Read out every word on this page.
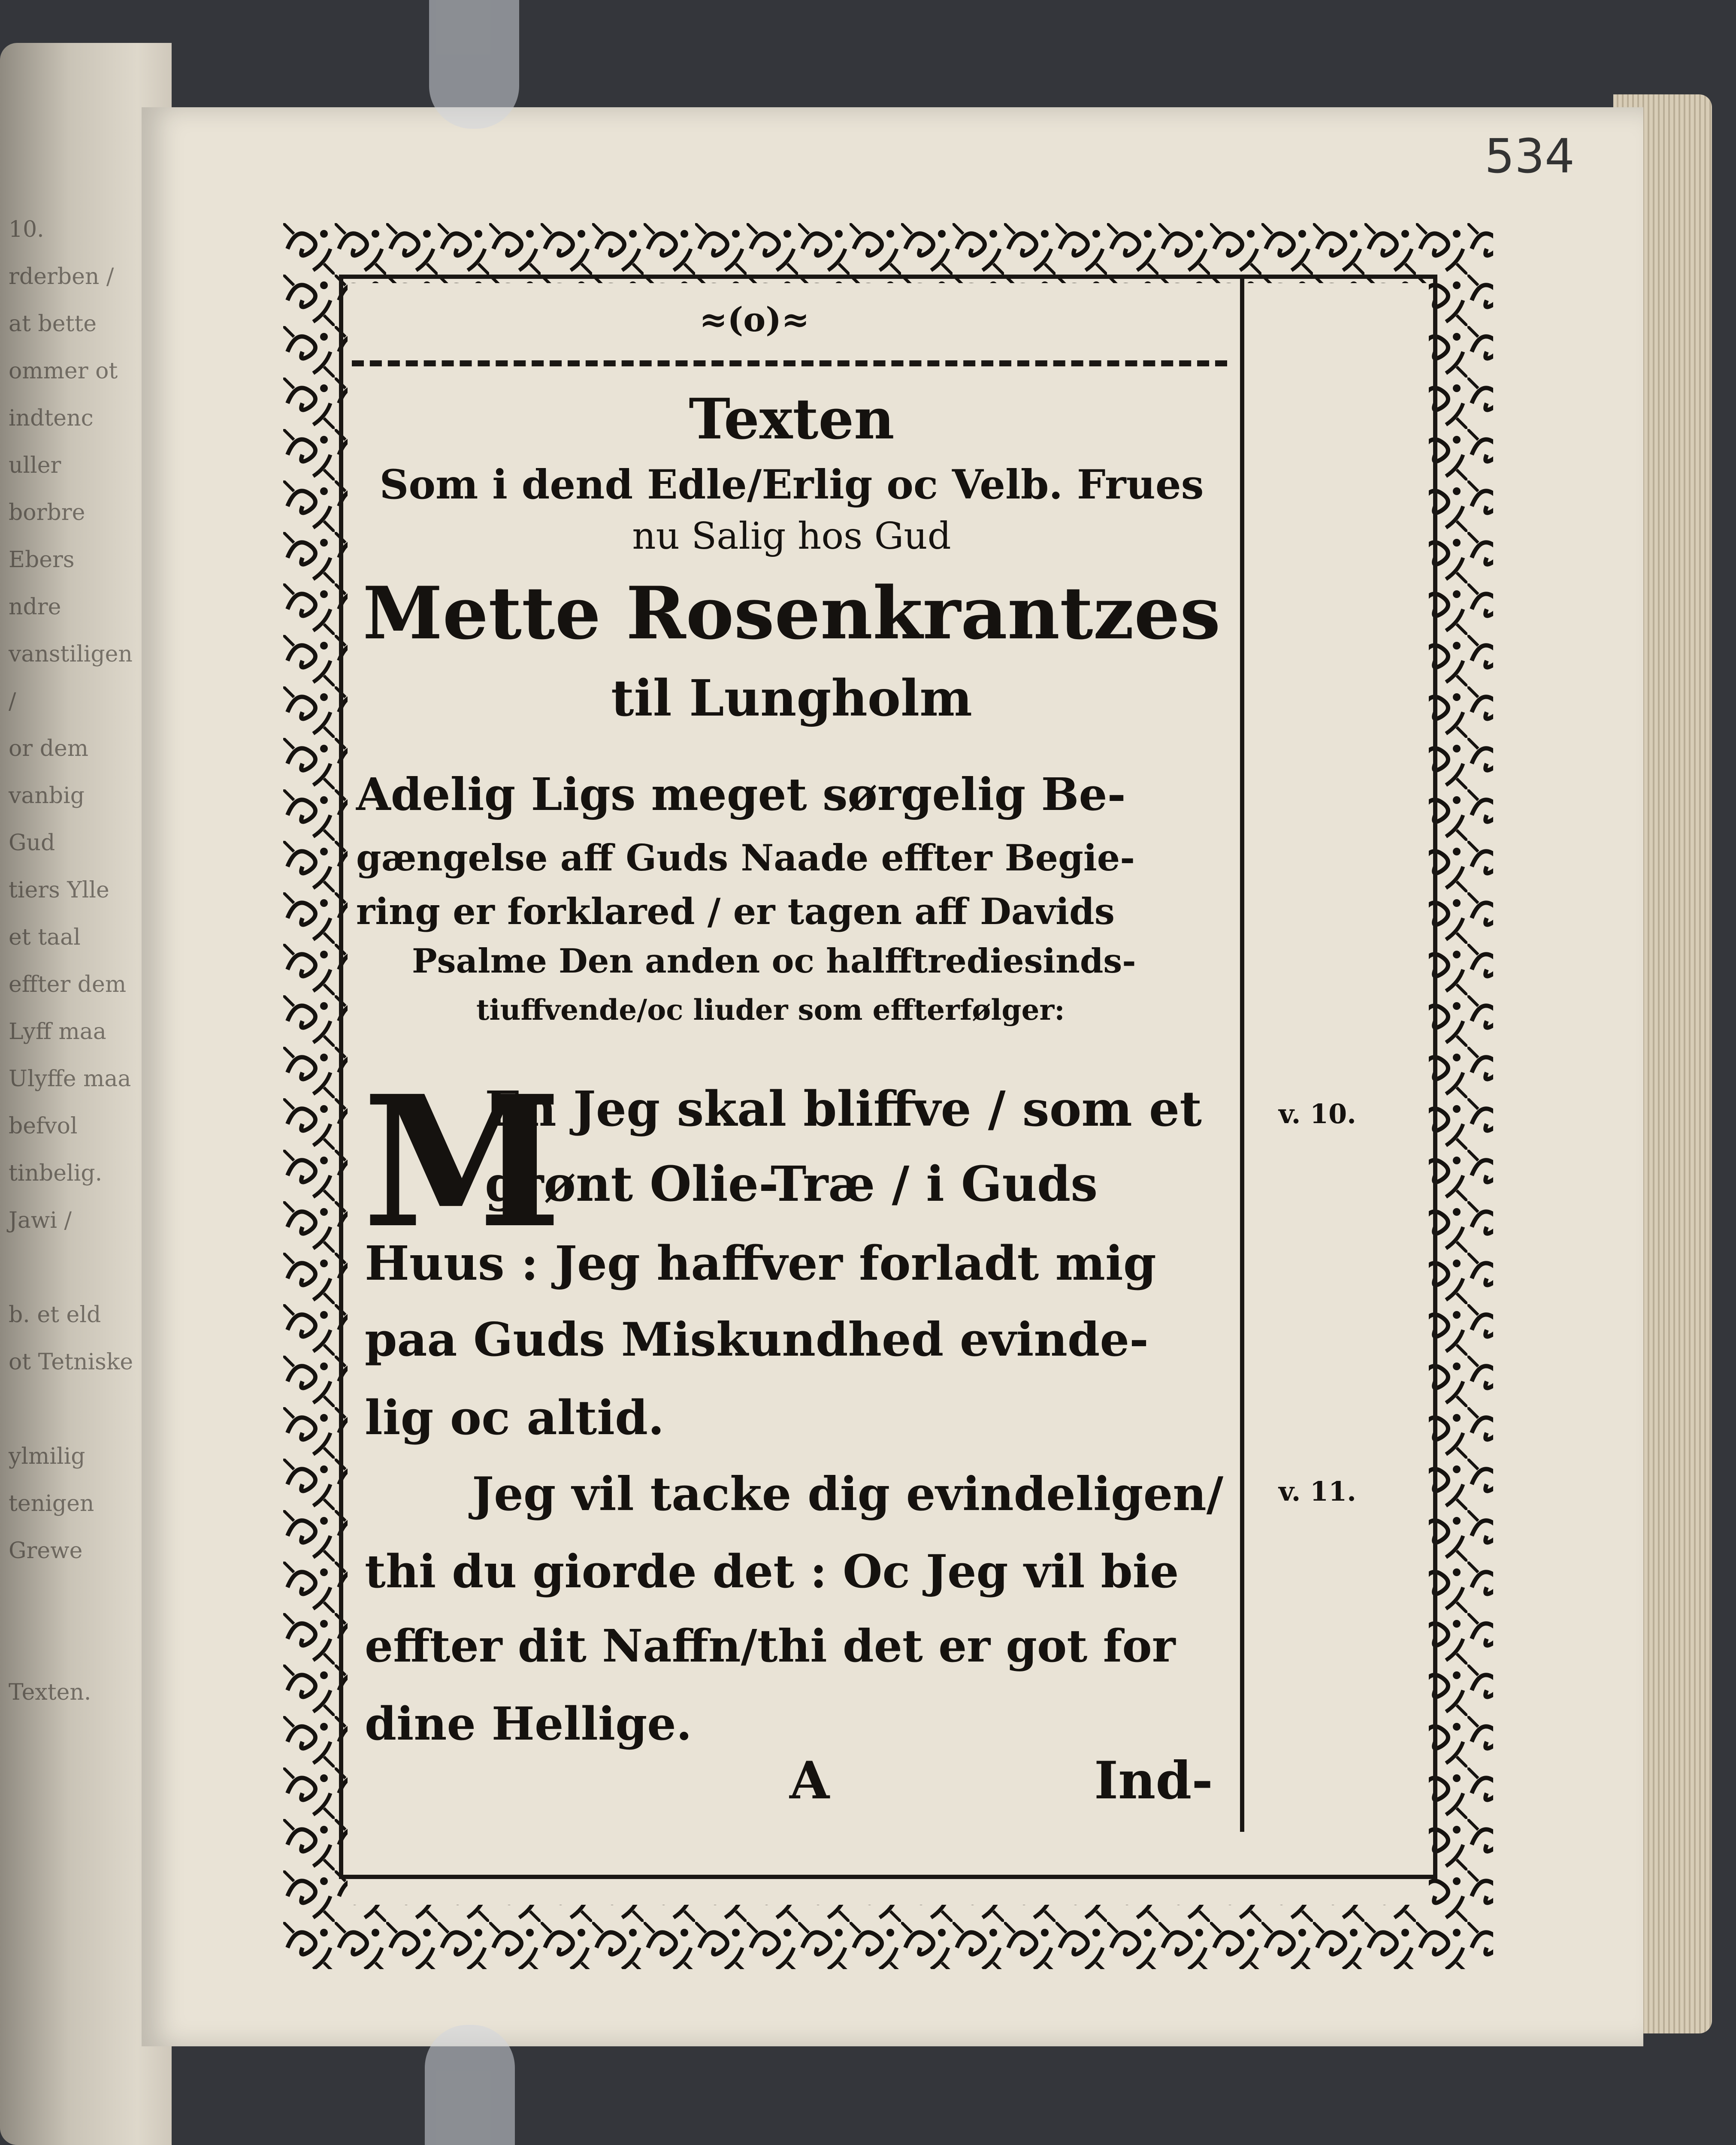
10.
rderben / at bette
ommer ot indtenc
uller borbre Ebers
ndre vanstiligen /
or dem vanbig Gud
tiers Ylle et taal
effter dem Lyff maa
Ulyffe maa befvol
tinbelig.
Jawi /

b. et eld
ot Tetniske

ylmilig
tenigen Grewe

Texten.
534
≈(o)≈
Texten
Som i dend Edle/Erlig oc Velb. Frues
nu Salig hos Gud
Mette Rosenkrantzes
til Lungholm
Adelig Ligs meget sørgelig Be-
gængelse aff Guds Naade effter Begie-
ring er forklared / er tagen aff Davids
Psalme Den anden oc halfftrediesinds-
tiuffvende/oc liuder som effterfølger:
M
En Jeg skal bliffve / som et
grønt Olie-Træ / i Guds
Huus : Jeg haffver forladt mig
paa Guds Miskundhed evinde-
lig oc altid.
v. 10.
Jeg vil tacke dig evindeligen/
thi du giorde det : Oc Jeg vil bie
effter dit Naffn/thi det er got for
dine Hellige.
v. 11.
A	Ind-
